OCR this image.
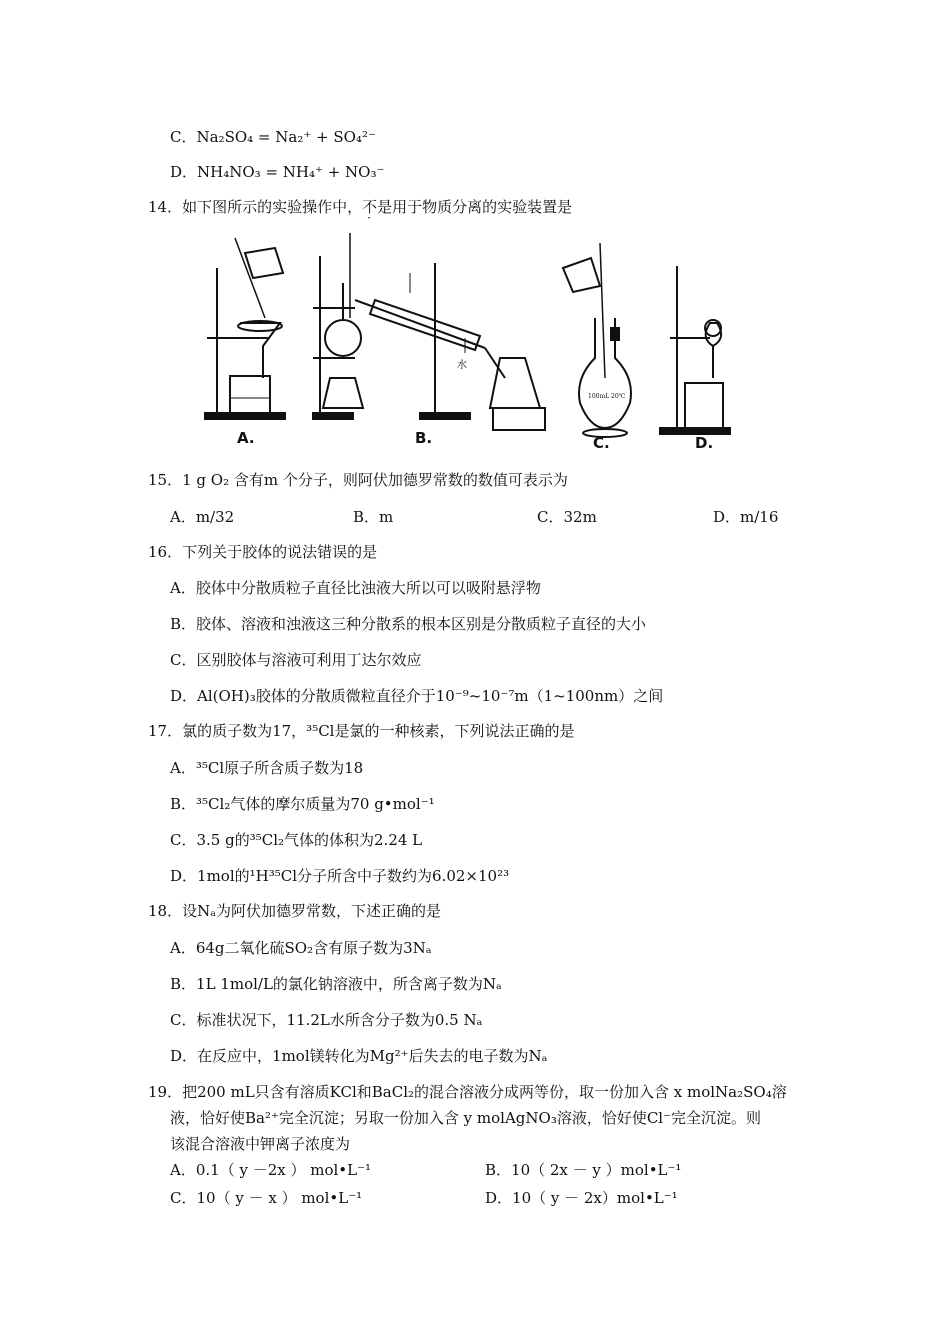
C．Na₂SO₄ = Na₂⁺ + SO₄²⁻
D．NH₄NO₃ = NH₄⁺ + NO₃⁻
14．如下图所示的实验操作中，不是用于物质分离的实验装置是
A.
水
B.
100mL 20℃
C.	D.
15．1 g O₂ 含有m 个分子，则阿伏加德罗常数的数值可表示为
A．m/32	B．m	C．32m	D．m/16
16．下列关于胶体的说法错误的是
A．胶体中分散质粒子直径比浊液大所以可以吸附悬浮物
B．胶体、溶液和浊液这三种分散系的根本区别是分散质粒子直径的大小
C．区别胶体与溶液可利用丁达尔效应
D．Al(OH)₃胶体的分散质微粒直径介于10⁻⁹~10⁻⁷m（1~100nm）之间
17．氯的质子数为17，³⁵Cl是氯的一种核素，下列说法正确的是
A．³⁵Cl原子所含质子数为18
B．³⁵Cl₂气体的摩尔质量为70 g•mol⁻¹
C．3.5 g的³⁵Cl₂气体的体积为2.24 L
D．1mol的¹H³⁵Cl分子所含中子数约为6.02×10²³
18．设Nₐ为阿伏加德罗常数，下述正确的是
A．64g二氧化硫SO₂含有原子数为3Nₐ
B．1L 1mol/L的氯化钠溶液中，所含离子数为Nₐ
C．标准状况下，11.2L水所含分子数为0.5 Nₐ
D．在反应中，1mol镁转化为Mg²⁺后失去的电子数为Nₐ
19．把200 mL只含有溶质KCl和BaCl₂的混合溶液分成两等份，取一份加入含 x molNa₂SO₄溶
液，恰好使Ba²⁺完全沉淀；另取一份加入含 y molAgNO₃溶液，恰好使Cl⁻完全沉淀。则
该混合溶液中钾离子浓度为
A．0.1（ y －2x ） mol•L⁻¹	B．10（ 2x － y ）mol•L⁻¹
C．10（ y － x ） mol•L⁻¹	D．10（ y － 2x）mol•L⁻¹
